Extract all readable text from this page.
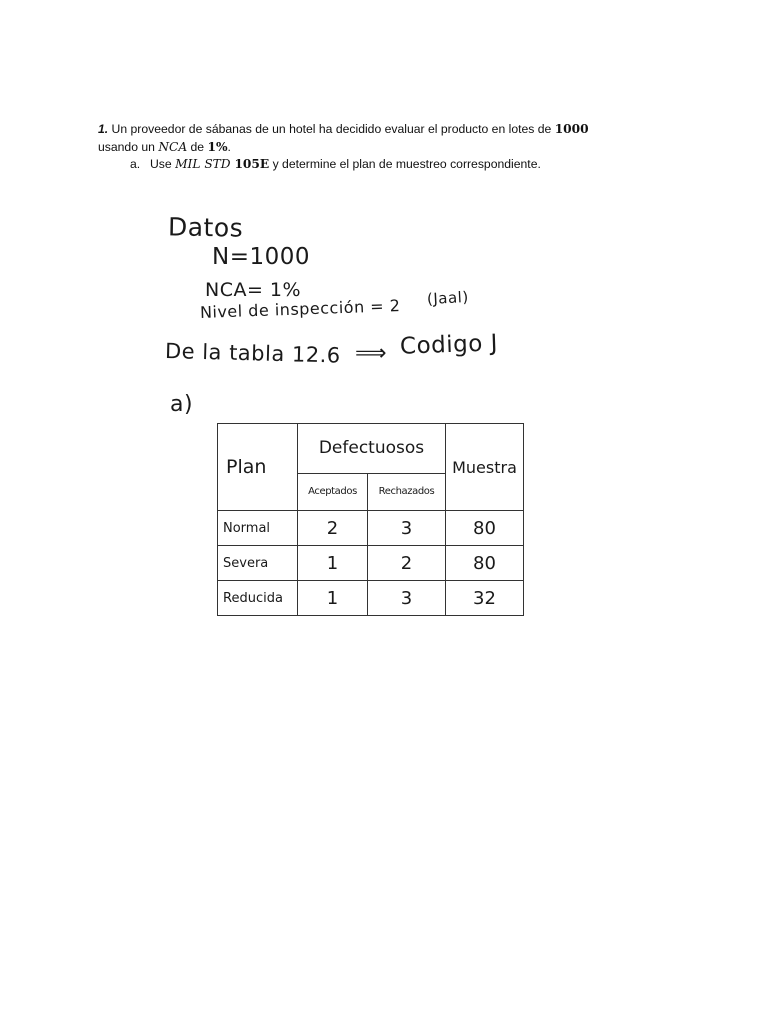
1. Un proveedor de sábanas de un hotel ha decidido evaluar el producto en lotes de 1000
usando un NCA de 1%.
a. Use MIL STD 105E y determine el plan de muestreo correspondiente.
Datos
N=1000
NCA= 1%
Nivel de inspección = 2 (Jaal)
De la tabla 12.6 ⟹ Codigo J
a)
Plan	Defectuosos		Muestra
	Aceptados	Rechazados	
Normal	2	3	80
Severa	1	2	80
Reducida	1	3	32
